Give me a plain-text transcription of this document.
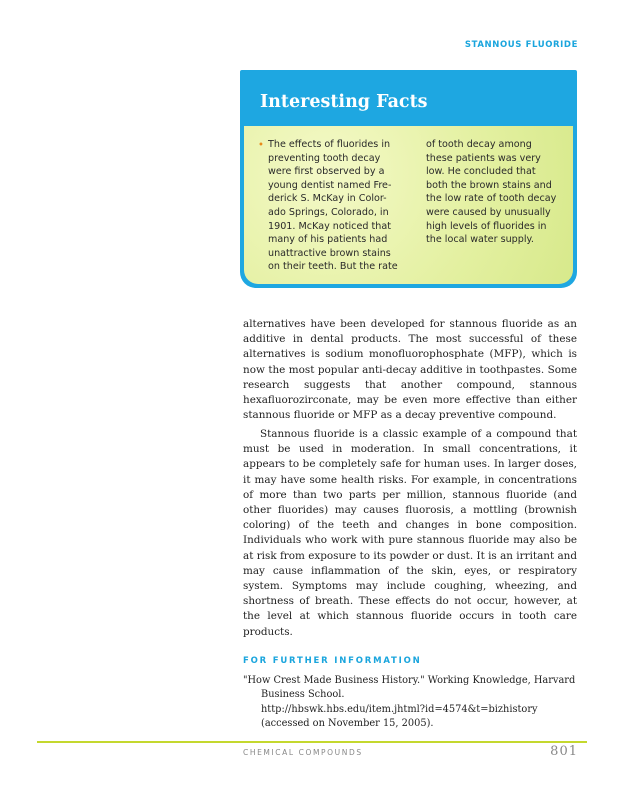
STANNOUS FLUORIDE
Interesting Facts
• The effects of fluorides in
preventing tooth decay
were first observed by a
young dentist named Fre-
derick S. McKay in Color-
ado Springs, Colorado, in
1901. McKay noticed that
many of his patients had
unattractive brown stains
on their teeth. But the rate
of tooth decay among
these patients was very
low. He concluded that
both the brown stains and
the low rate of tooth decay
were caused by unusually
high levels of fluorides in
the local water supply.

alternatives have been developed for stannous fluoride as an additive in dental products. The most successful of these alternatives is sodium monofluorophosphate (MFP), which is now the most popular anti-decay additive in toothpastes. Some research suggests that another compound, stannous hexafluorozirconate, may be even more effective than either stannous fluoride or MFP as a decay preventive compound.

Stannous fluoride is a classic example of a compound that must be used in moderation. In small concentrations, it appears to be completely safe for human uses. In larger doses, it may have some health risks. For example, in concentrations of more than two parts per million, stannous fluoride (and other fluorides) may causes fluorosis, a mottling (brownish coloring) of the teeth and changes in bone composition. Individuals who work with pure stannous fluoride may also be at risk from exposure to its powder or dust. It is an irritant and may cause inflammation of the skin, eyes, or respiratory system. Symptoms may include coughing, wheezing, and shortness of breath. These effects do not occur, however, at the level at which stannous fluoride occurs in tooth care products.

FOR FURTHER INFORMATION
"How Crest Made Business History." Working Knowledge, Harvard
Business School.
http://hbswk.hbs.edu/item.jhtml?id=4574&t=bizhistory
(accessed on November 15, 2005).
CHEMICAL COMPOUNDS	801
